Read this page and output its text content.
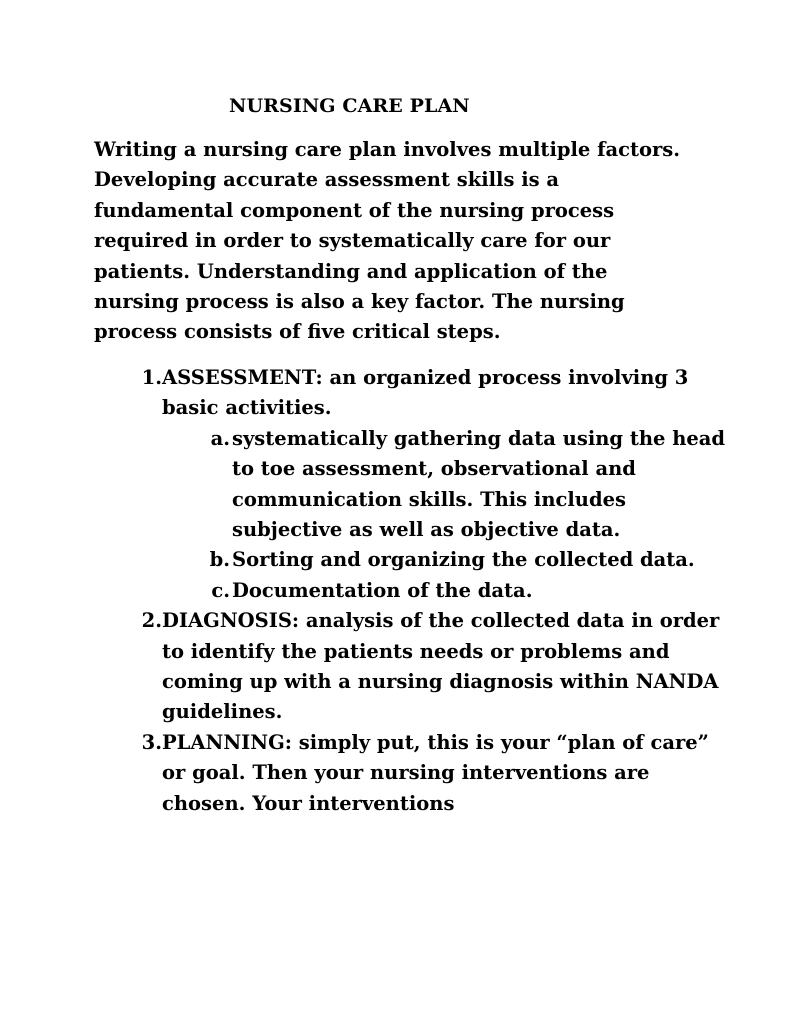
NURSING CARE PLAN

Writing a nursing care plan involves multiple factors. Developing accurate assessment skills is a fundamental component of the nursing process required in order to systematically care for our patients. Understanding and application of the nursing process is also a key factor. The nursing process consists of five critical steps.

1. ASSESSMENT: an organized process involving 3 basic activities.
a. systematically gathering data using the head to toe assessment, observational and communication skills. This includes subjective as well as objective data.
b. Sorting and organizing the collected data.
c. Documentation of the data.
2. DIAGNOSIS: analysis of the collected data in order to identify the patients needs or problems and coming up with a nursing diagnosis within NANDA guidelines.
3. PLANNING: simply put, this is your “plan of care” or goal. Then your nursing interventions are chosen. Your interventions
